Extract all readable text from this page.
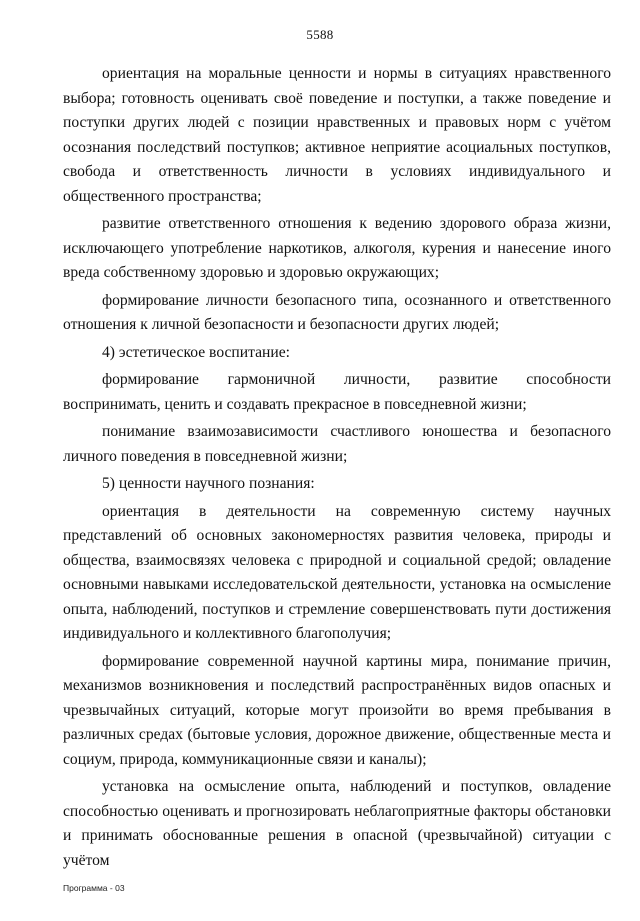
5588

ориентация на моральные ценности и нормы в ситуациях нравственного выбора; готовность оценивать своё поведение и поступки, а также поведение и поступки других людей с позиции нравственных и правовых норм с учётом осознания последствий поступков; активное неприятие асоциальных поступков, свобода и ответственность личности в условиях индивидуального и общественного пространства;

развитие ответственного отношения к ведению здорового образа жизни, исключающего употребление наркотиков, алкоголя, курения и нанесение иного вреда собственному здоровью и здоровью окружающих;

формирование личности безопасного типа, осознанного и ответственного отношения к личной безопасности и безопасности других людей;

4) эстетическое воспитание:

формирование гармоничной личности, развитие способности воспринимать, ценить и создавать прекрасное в повседневной жизни;

понимание взаимозависимости счастливого юношества и безопасного личного поведения в повседневной жизни;

5) ценности научного познания:

ориентация в деятельности на современную систему научных представлений об основных закономерностях развития человека, природы и общества, взаимосвязях человека с природной и социальной средой; овладение основными навыками исследовательской деятельности, установка на осмысление опыта, наблюдений, поступков и стремление совершенствовать пути достижения индивидуального и коллективного благополучия;

формирование современной научной картины мира, понимание причин, механизмов возникновения и последствий распространённых видов опасных и чрезвычайных ситуаций, которые могут произойти во время пребывания в различных средах (бытовые условия, дорожное движение, общественные места и социум, природа, коммуникационные связи и каналы);

установка на осмысление опыта, наблюдений и поступков, овладение способностью оценивать и прогнозировать неблагоприятные факторы обстановки и принимать обоснованные решения в опасной (чрезвычайной) ситуации с учётом

Программа - 03
